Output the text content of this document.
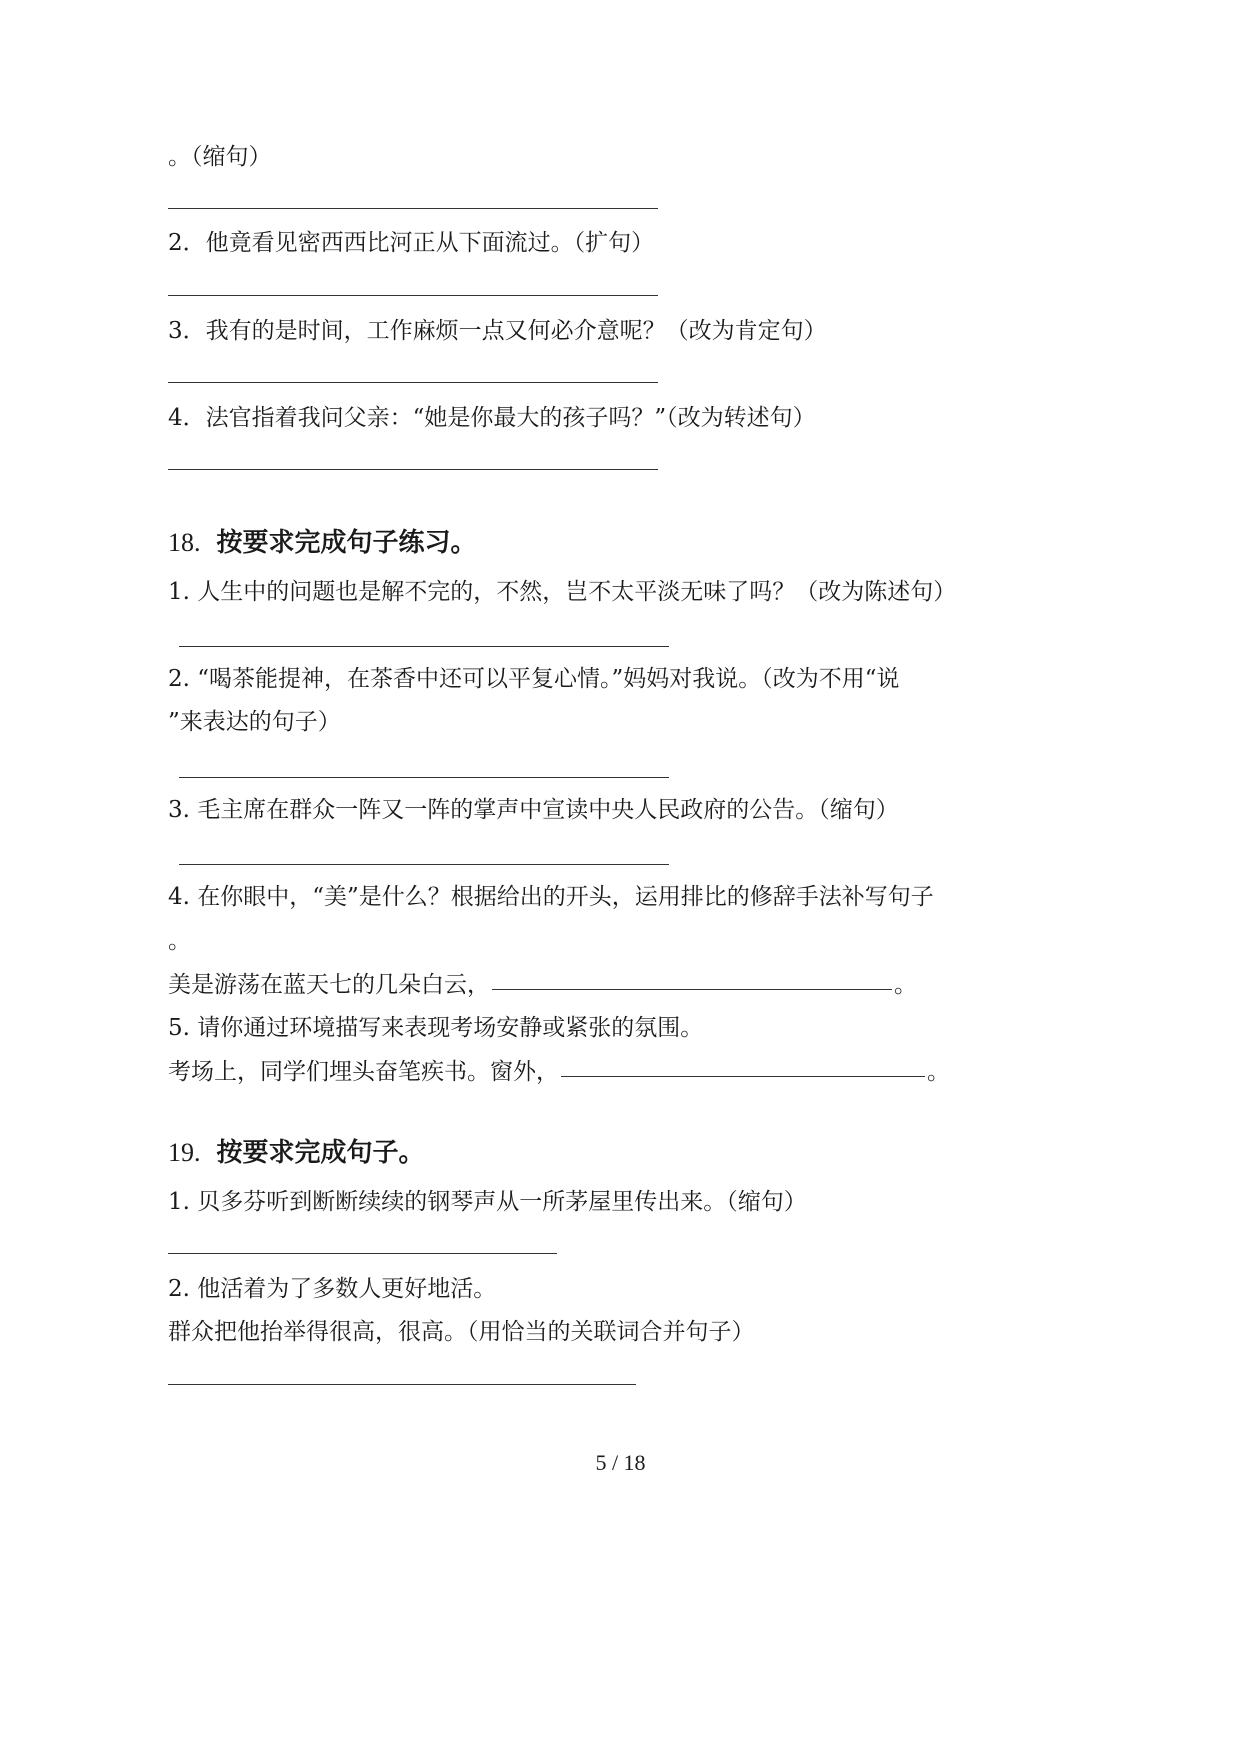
。（缩句）
2．他竟看见密西西比河正从下面流过。（扩句）
3．我有的是时间，工作麻烦一点又何必介意呢？（改为肯定句）
4．法官指着我问父亲：“她是你最大的孩子吗？”（改为转述句）
18. 按要求完成句子练习。
1. 人生中的问题也是解不完的，不然，岂不太平淡无味了吗？（改为陈述句）
2. “喝茶能提神，在茶香中还可以平复心情。”妈妈对我说。（改为不用“说
”来表达的句子）
3. 毛主席在群众一阵又一阵的掌声中宣读中央人民政府的公告。（缩句）
4. 在你眼中，“美”是什么？根据给出的开头，运用排比的修辞手法补写句子
。
美是游荡在蓝天七的几朵白云，	。
5. 请你通过环境描写来表现考场安静或紧张的氛围。
考场上，同学们埋头奋笔疾书。窗外，	。
19. 按要求完成句子。
1. 贝多芬听到断断续续的钢琴声从一所茅屋里传出来。（缩句）
2. 他活着为了多数人更好地活。
群众把他抬举得很高，很高。（用恰当的关联词合并句子）
5 / 18
